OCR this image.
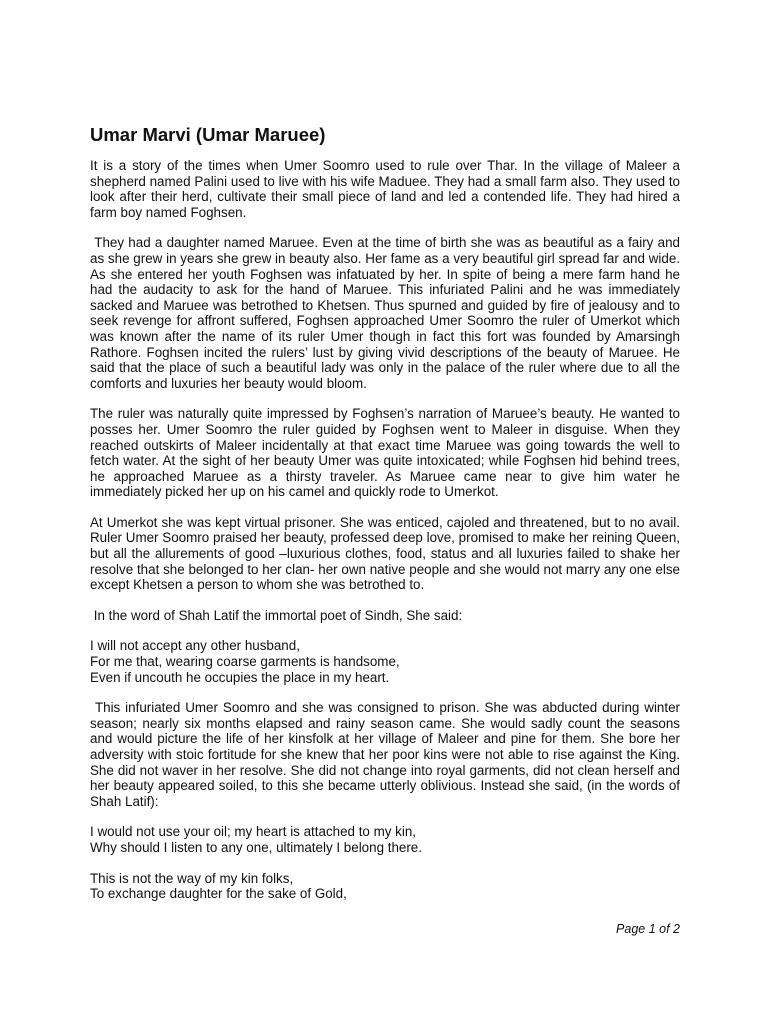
Umar Marvi (Umar Maruee)

It is a story of the times when Umer Soomro used to rule over Thar. In the village of Maleer a shepherd named Palini used to live with his wife Maduee. They had a small farm also. They used to look after their herd, cultivate their small piece of land and led a contended life. They had hired a farm boy named Foghsen.

They had a daughter named Maruee. Even at the time of birth she was as beautiful as a fairy and as she grew in years she grew in beauty also. Her fame as a very beautiful girl spread far and wide. As she entered her youth Foghsen was infatuated by her. In spite of being a mere farm hand he had the audacity to ask for the hand of Maruee. This infuriated Palini and he was immediately sacked and Maruee was betrothed to Khetsen. Thus spurned and guided by fire of jealousy and to seek revenge for affront suffered, Foghsen approached Umer Soomro the ruler of Umerkot which was known after the name of its ruler Umer though in fact this fort was founded by Amarsingh Rathore. Foghsen incited the rulers’ lust by giving vivid descriptions of the beauty of Maruee. He said that the place of such a beautiful lady was only in the palace of the ruler where due to all the comforts and luxuries her beauty would bloom.

The ruler was naturally quite impressed by Foghsen’s narration of Maruee’s beauty. He wanted to posses her. Umer Soomro the ruler guided by Foghsen went to Maleer in disguise. When they reached outskirts of Maleer incidentally at that exact time Maruee was going towards the well to fetch water. At the sight of her beauty Umer was quite intoxicated; while Foghsen hid behind trees, he approached Maruee as a thirsty traveler. As Maruee came near to give him water he immediately picked her up on his camel and quickly rode to Umerkot.

At Umerkot she was kept virtual prisoner. She was enticed, cajoled and threatened, but to no avail. Ruler Umer Soomro praised her beauty, professed deep love, promised to make her reining Queen, but all the allurements of good –luxurious clothes, food, status and all luxuries failed to shake her resolve that she belonged to her clan- her own native people and she would not marry any one else except Khetsen a person to whom she was betrothed to.

In the word of Shah Latif the immortal poet of Sindh, She said:

I will not accept any other husband,
For me that, wearing coarse garments is handsome,
Even if uncouth he occupies the place in my heart.

This infuriated Umer Soomro and she was consigned to prison. She was abducted during winter season; nearly six months elapsed and rainy season came. She would sadly count the seasons and would picture the life of her kinsfolk at her village of Maleer and pine for them. She bore her adversity with stoic fortitude for she knew that her poor kins were not able to rise against the King. She did not waver in her resolve. She did not change into royal garments, did not clean herself and her beauty appeared soiled, to this she became utterly oblivious. Instead she said, (in the words of Shah Latif):

I would not use your oil; my heart is attached to my kin,
Why should I listen to any one, ultimately I belong there.

This is not the way of my kin folks,
To exchange daughter for the sake of Gold,

Page 1 of 2
